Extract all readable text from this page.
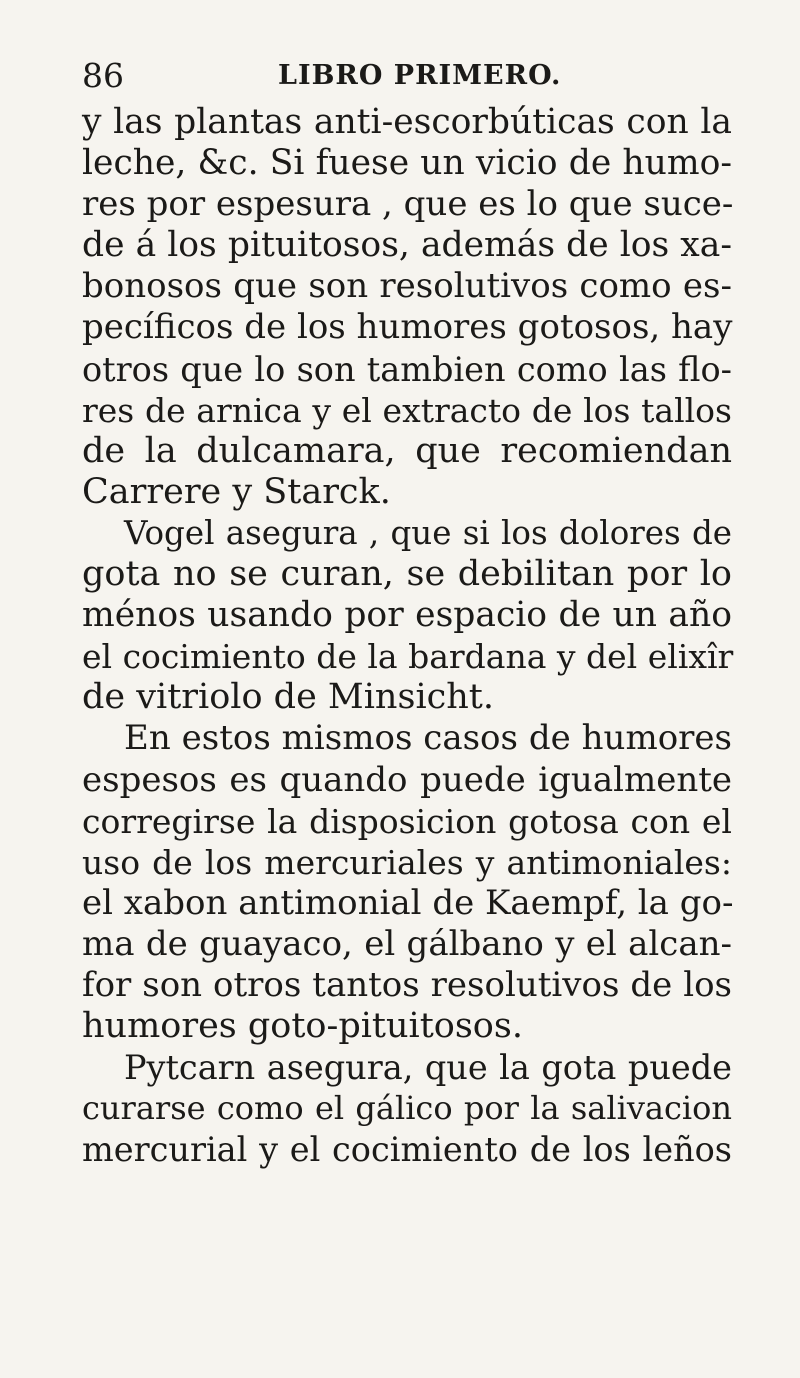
86	LIBRO PRIMERO.
y las plantas anti-escorbúticas con la
leche, &c. Si fuese un vicio de humo-
res por espesura , que es lo que suce-
de á los pituitosos, además de los xa-
bonosos que son resolutivos como es-
pecíficos de los humores gotosos, hay
otros que lo son tambien como las flo-
res de arnica y el extracto de los tallos
de la dulcamara, que recomiendan
Carrere y Starck.
Vogel asegura , que si los dolores de
gota no se curan, se debilitan por lo
ménos usando por espacio de un año
el cocimiento de la bardana y del elixîr
de vitriolo de Minsicht.
En estos mismos casos de humores
espesos es quando puede igualmente
corregirse la disposicion gotosa con el
uso de los mercuriales y antimoniales:
el xabon antimonial de Kaempf, la go-
ma de guayaco, el gálbano y el alcan-
for son otros tantos resolutivos de los
humores goto-pituitosos.
Pytcarn asegura, que la gota puede
curarse como el gálico por la salivacion
mercurial y el cocimiento de los leños
